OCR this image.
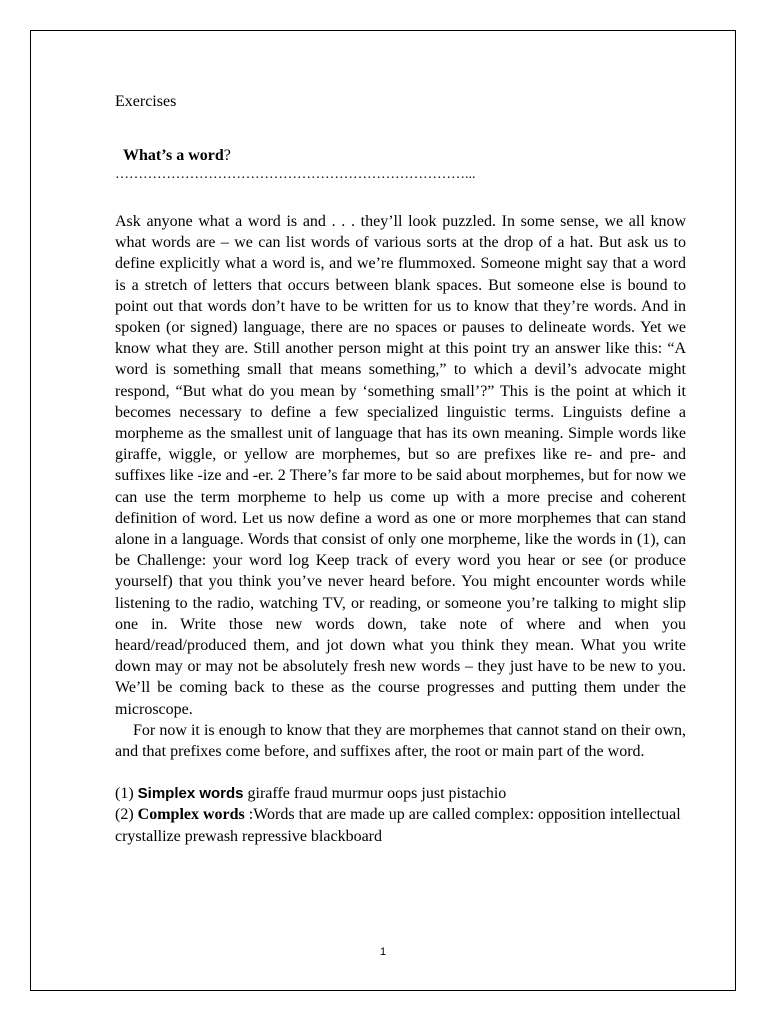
Exercises

What’s a word?

…………………………………………………………………...

Ask anyone what a word is and . . . they’ll look puzzled. In some sense, we all know what words are – we can list words of various sorts at the drop of a hat. But ask us to define explicitly what a word is, and we’re flummoxed. Someone might say that a word is a stretch of letters that occurs between blank spaces. But someone else is bound to point out that words don’t have to be written for us to know that they’re words. And in spoken (or signed) language, there are no spaces or pauses to delineate words. Yet we know what they are. Still another person might at this point try an answer like this: “A word is something small that means something,” to which a devil’s advocate might respond, “But what do you mean by ‘something small’?” This is the point at which it becomes necessary to define a few specialized linguistic terms. Linguists define a morpheme as the smallest unit of language that has its own meaning. Simple words like giraffe, wiggle, or yellow are morphemes, but so are prefixes like re- and pre- and suffixes like -ize and -er. 2 There’s far more to be said about morphemes, but for now we can use the term morpheme to help us come up with a more precise and coherent definition of word. Let us now define a word as one or more morphemes that can stand alone in a language. Words that consist of only one morpheme, like the words in (1), can be Challenge: your word log Keep track of every word you hear or see (or produce yourself) that you think you’ve never heard before. You might encounter words while listening to the radio, watching TV, or reading, or someone you’re talking to might slip one in. Write those new words down, take note of where and when you heard/read/produced them, and jot down what you think they mean. What you write down may or may not be absolutely fresh new words – they just have to be new to you. We’ll be coming back to these as the course progresses and putting them under the microscope.

For now it is enough to know that they are morphemes that cannot stand on their own, and that prefixes come before, and suffixes after, the root or main part of the word.

(1) Simplex words giraffe fraud murmur oops just pistachio

(2) Complex words :Words that are made up are called complex: opposition intellectual crystallize prewash repressive blackboard

1
